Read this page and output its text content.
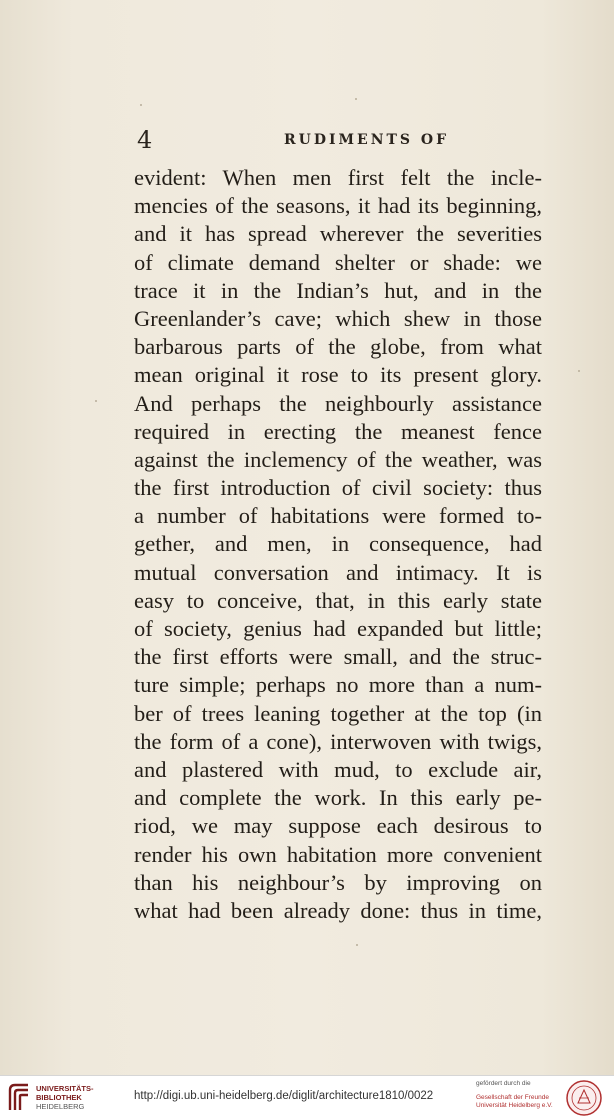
4	RUDIMENTS OF
evident: When men first felt the incle-
mencies of the seasons, it had its beginning,
and it has spread wherever the severities
of climate demand shelter or shade: we
trace it in the Indian’s hut, and in the
Greenlander’s cave; which shew in those
barbarous parts of the globe, from what
mean original it rose to its present glory.
And perhaps the neighbourly assistance
required in erecting the meanest fence
against the inclemency of the weather, was
the first introduction of civil society: thus
a number of habitations were formed to-
gether, and men, in consequence, had
mutual conversation and intimacy. It is
easy to conceive, that, in this early state
of society, genius had expanded but little;
the first efforts were small, and the struc-
ture simple; perhaps no more than a num-
ber of trees leaning together at the top (in
the form of a cone), interwoven with twigs,
and plastered with mud, to exclude air,
and complete the work. In this early pe-
riod, we may suppose each desirous to
render his own habitation more convenient
than his neighbour’s by improving on
what had been already done: thus in time,
UNIVERSITÄTS-
BIBLIOTHEK
HEIDELBERG
http://digi.ub.uni-heidelberg.de/diglit/architecture1810/0022
gefördert durch die
Gesellschaft der Freunde
Universität Heidelberg e.V.
